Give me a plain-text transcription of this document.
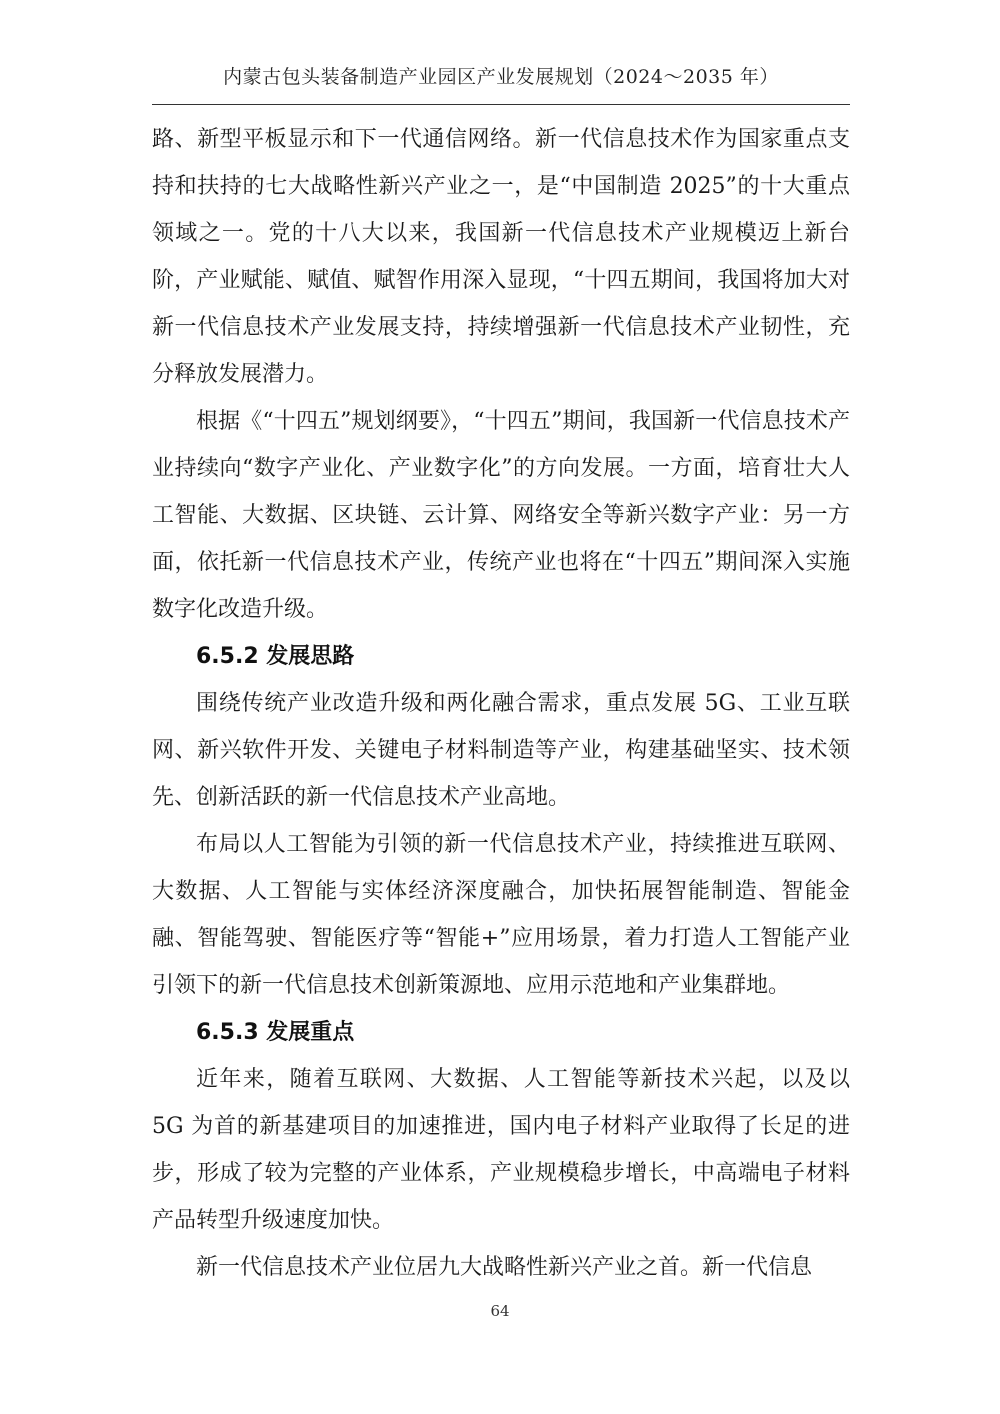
内蒙古包头装备制造产业园区产业发展规划（2024～2035 年）

路、新型平板显示和下一代通信网络。新一代信息技术作为国家重点支持和扶持的七大战略性新兴产业之一，是“中国制造 2025”的十大重点领域之一。党的十八大以来，我国新一代信息技术产业规模迈上新台阶，产业赋能、赋值、赋智作用深入显现，“十四五期间，我国将加大对新一代信息技术产业发展支持，持续增强新一代信息技术产业韧性，充分释放发展潜力。

根据《“十四五”规划纲要》，“十四五”期间，我国新一代信息技术产业持续向“数字产业化、产业数字化”的方向发展。一方面，培育壮大人工智能、大数据、区块链、云计算、网络安全等新兴数字产业：另一方面，依托新一代信息技术产业，传统产业也将在“十四五”期间深入实施数字化改造升级。

6.5.2 发展思路

围绕传统产业改造升级和两化融合需求，重点发展 5G、工业互联网、新兴软件开发、关键电子材料制造等产业，构建基础坚实、技术领先、创新活跃的新一代信息技术产业高地。

布局以人工智能为引领的新一代信息技术产业，持续推进互联网、大数据、人工智能与实体经济深度融合，加快拓展智能制造、智能金融、智能驾驶、智能医疗等“智能+”应用场景，着力打造人工智能产业引领下的新一代信息技术创新策源地、应用示范地和产业集群地。

6.5.3 发展重点

近年来，随着互联网、大数据、人工智能等新技术兴起，以及以 5G 为首的新基建项目的加速推进，国内电子材料产业取得了长足的进步，形成了较为完整的产业体系，产业规模稳步增长，中高端电子材料产品转型升级速度加快。

新一代信息技术产业位居九大战略性新兴产业之首。新一代信息

64
